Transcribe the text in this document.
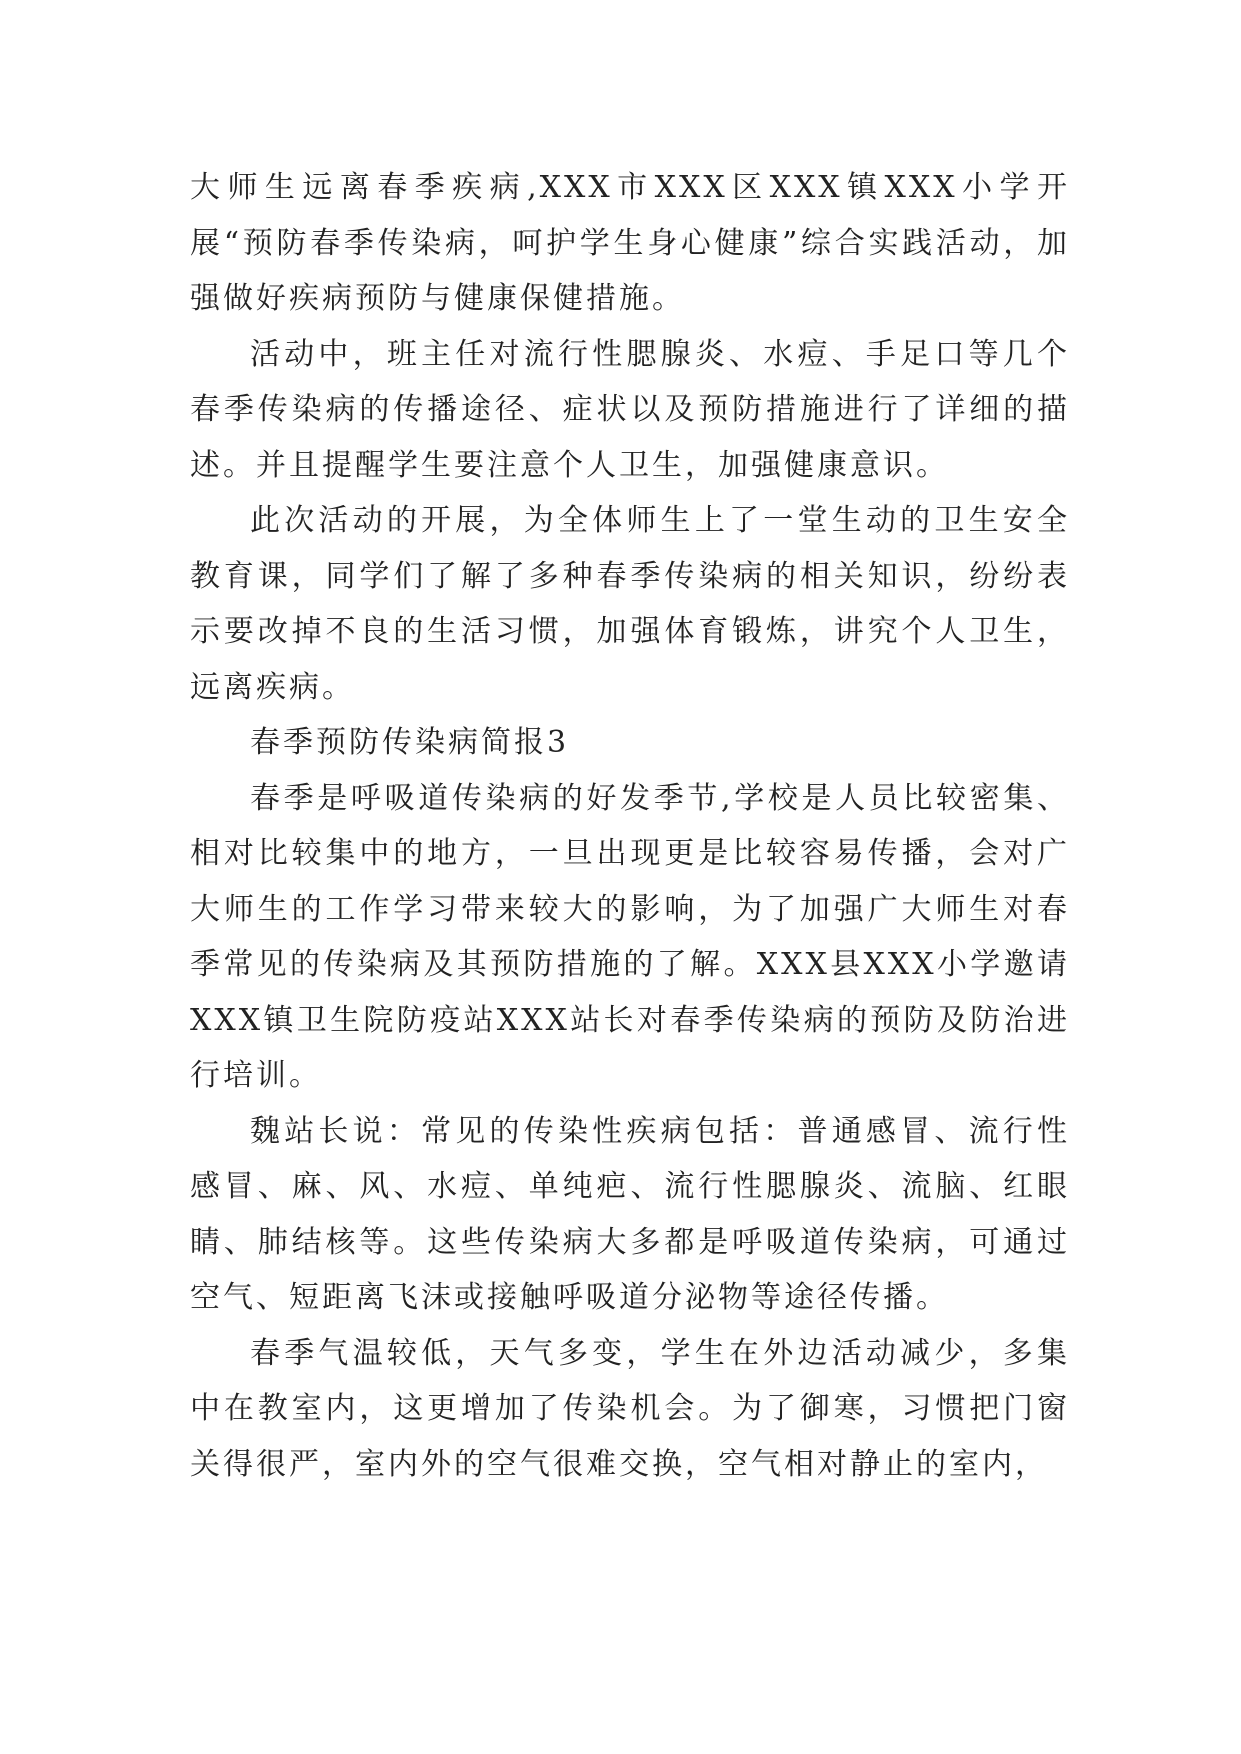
大师生远离春季疾病,XXX市XXX区XXX镇XXX小学开展“预防春季传染病，呵护学生身心健康”综合实践活动，加强做好疾病预防与健康保健措施。

活动中，班主任对流行性腮腺炎、水痘、手足口等几个春季传染病的传播途径、症状以及预防措施进行了详细的描述。并且提醒学生要注意个人卫生，加强健康意识。

此次活动的开展，为全体师生上了一堂生动的卫生安全教育课，同学们了解了多种春季传染病的相关知识，纷纷表示要改掉不良的生活习惯，加强体育锻炼，讲究个人卫生，远离疾病。

春季预防传染病简报3

春季是呼吸道传染病的好发季节,学校是人员比较密集、相对比较集中的地方，一旦出现更是比较容易传播，会对广大师生的工作学习带来较大的影响，为了加强广大师生对春季常见的传染病及其预防措施的了解。XXX县XXX小学邀请XXX镇卫生院防疫站XXX站长对春季传染病的预防及防治进行培训。

魏站长说：常见的传染性疾病包括：普通感冒、流行性感冒、麻、风、水痘、单纯疤、流行性腮腺炎、流脑、红眼睛、肺结核等。这些传染病大多都是呼吸道传染病，可通过空气、短距离飞沫或接触呼吸道分泌物等途径传播。

春季气温较低，天气多变，学生在外边活动减少，多集中在教室内，这更增加了传染机会。为了御寒，习惯把门窗关得很严，室内外的空气很难交换，空气相对静止的室内，
